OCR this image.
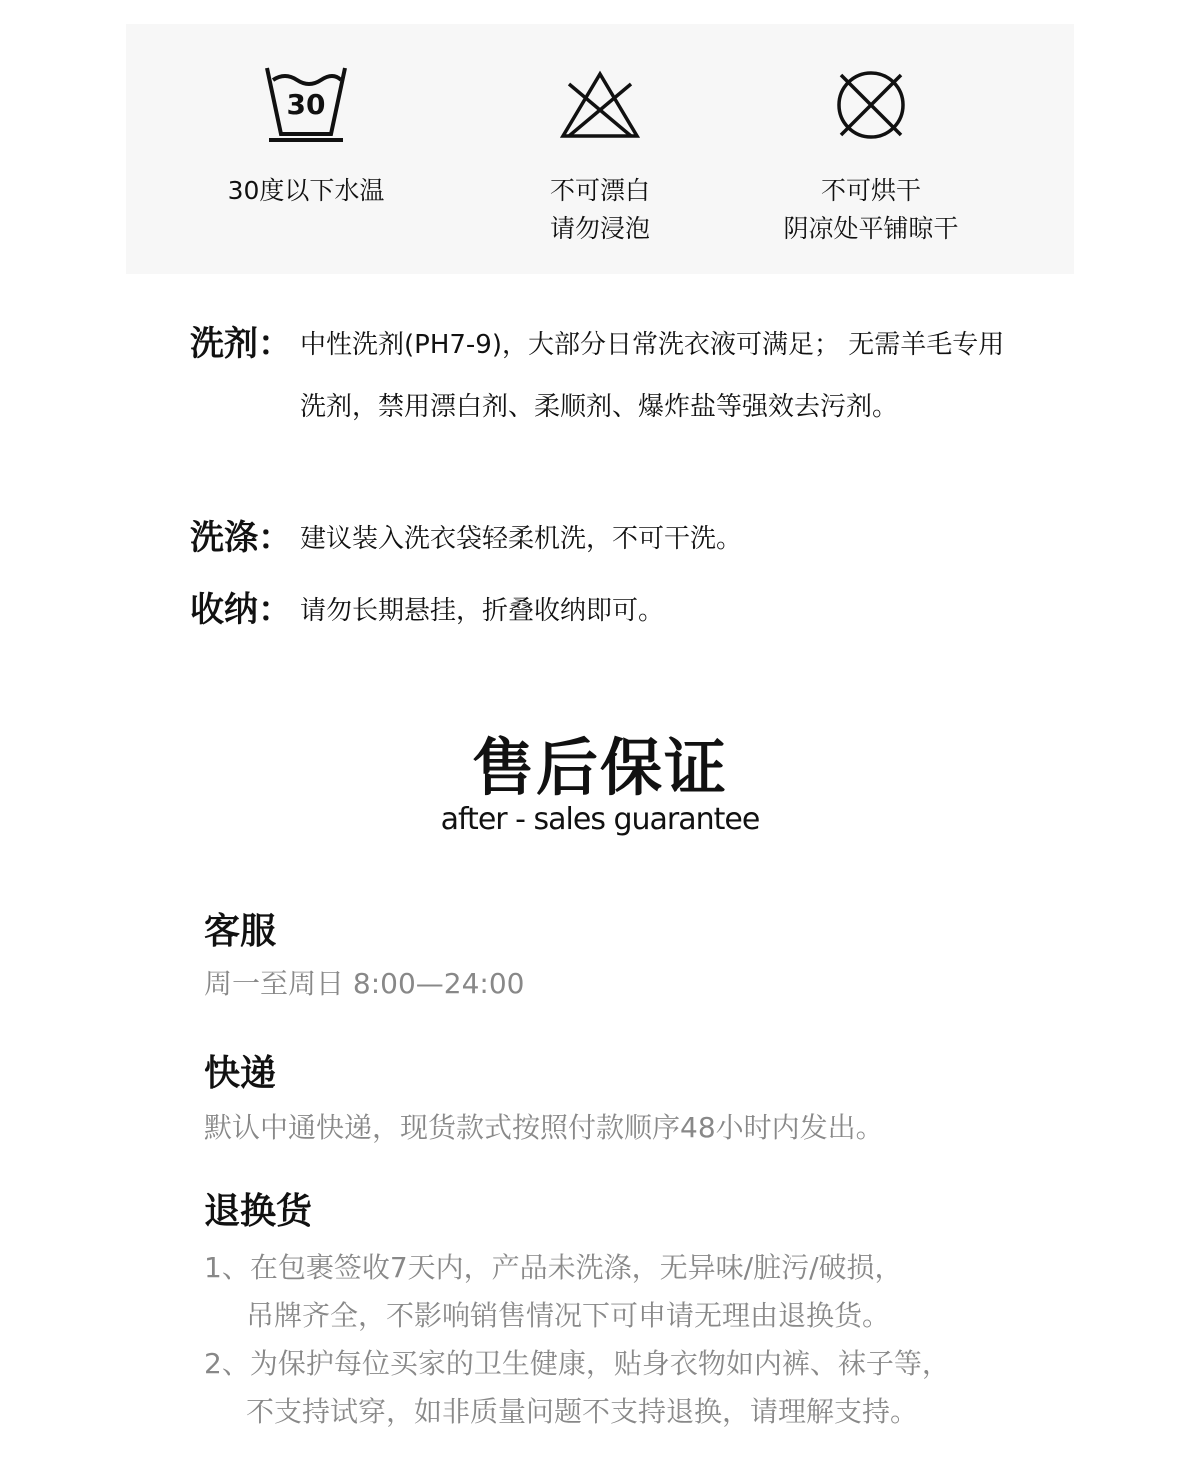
30
30度以下水温	不可漂白
请勿浸泡
不可烘干
阴凉处平铺晾干
洗剂： 中性洗剂(PH7-9)，大部分日常洗衣液可满足； 无需羊毛专用洗剂，禁用漂白剂、柔顺剂、爆炸盐等强效去污剂。
洗涤： 建议装入洗衣袋轻柔机洗，不可干洗。
收纳： 请勿长期悬挂，折叠收纳即可。
售后保证
after - sales guarantee
客服
周一至周日 8:00—24:00
快递
默认中通快递，现货款式按照付款顺序48小时内发出。
退换货
1、在包裹签收7天内，产品未洗涤，无异味/脏污/破损，
吊牌齐全，不影响销售情况下可申请无理由退换货。
2、为保护每位买家的卫生健康，贴身衣物如内裤、袜子等，
不支持试穿，如非质量问题不支持退换，请理解支持。
